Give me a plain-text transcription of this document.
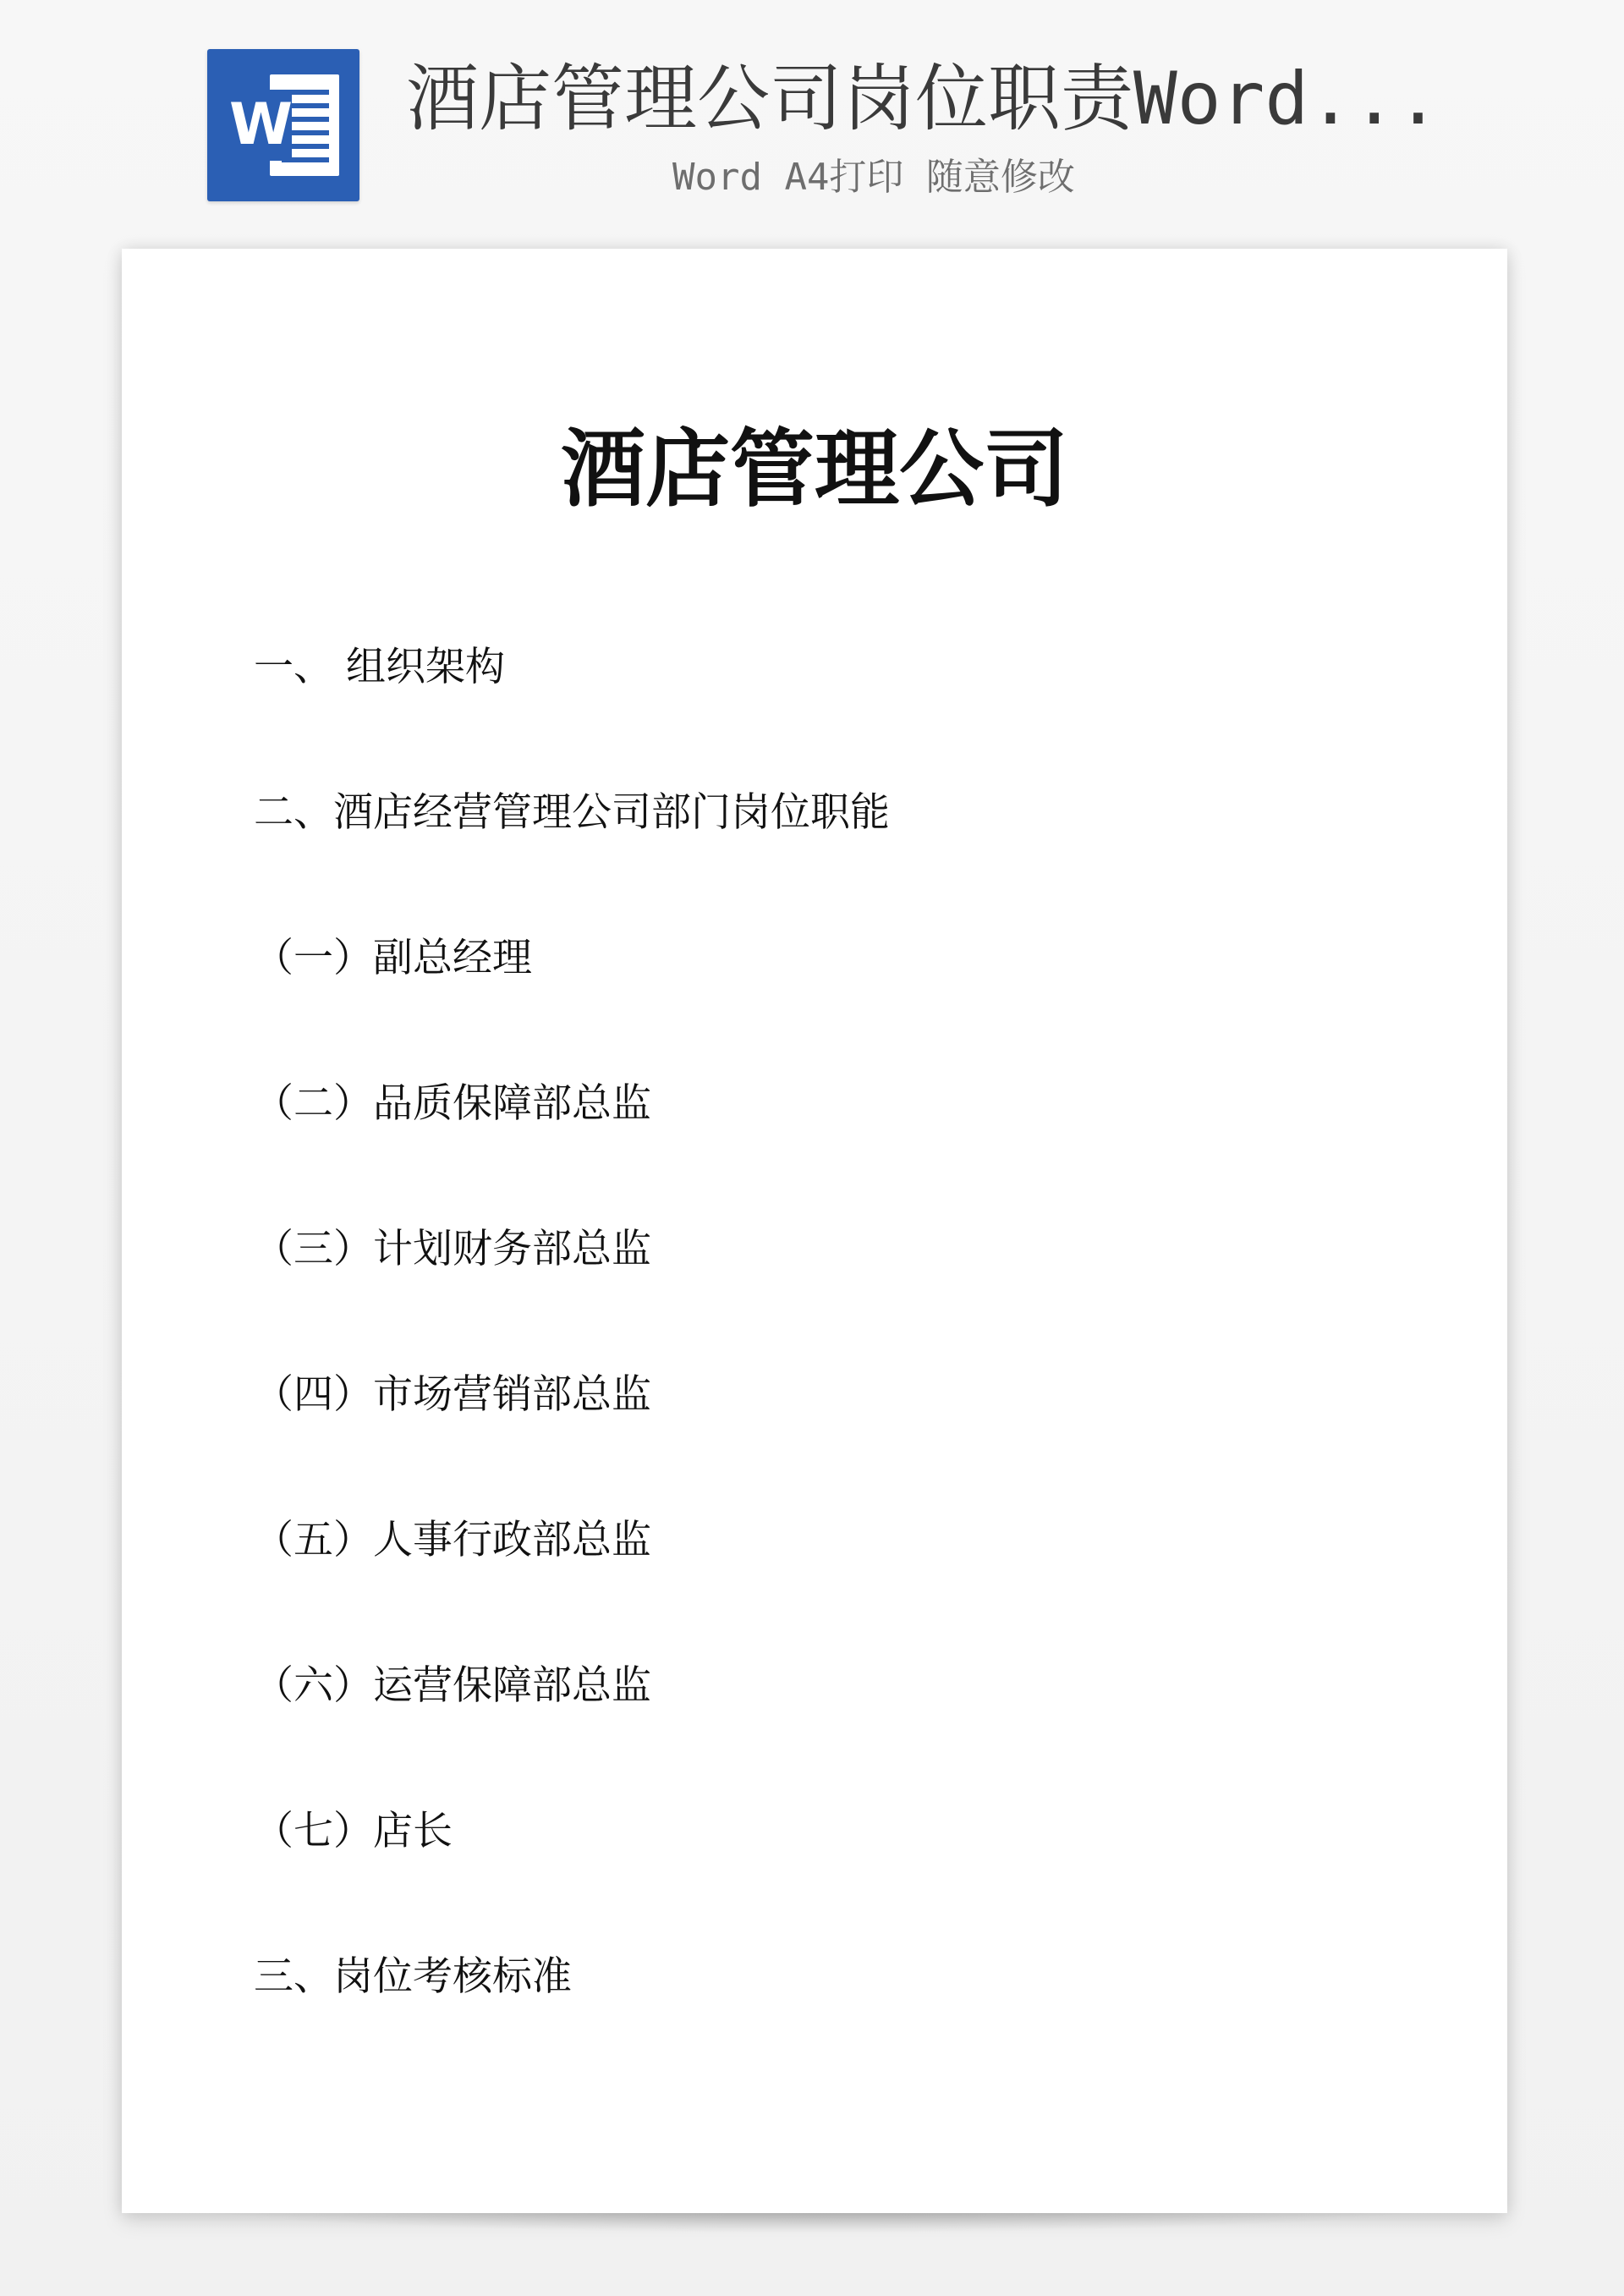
W 酒店管理公司岗位职责Word...
Word A4打印 随意修改
酒店管理公司
一、 组织架构
二、酒店经营管理公司部门岗位职能
（一）副总经理
（二）品质保障部总监
（三）计划财务部总监
（四）市场营销部总监
（五）人事行政部总监
（六）运营保障部总监
（七）店长
三、岗位考核标准
